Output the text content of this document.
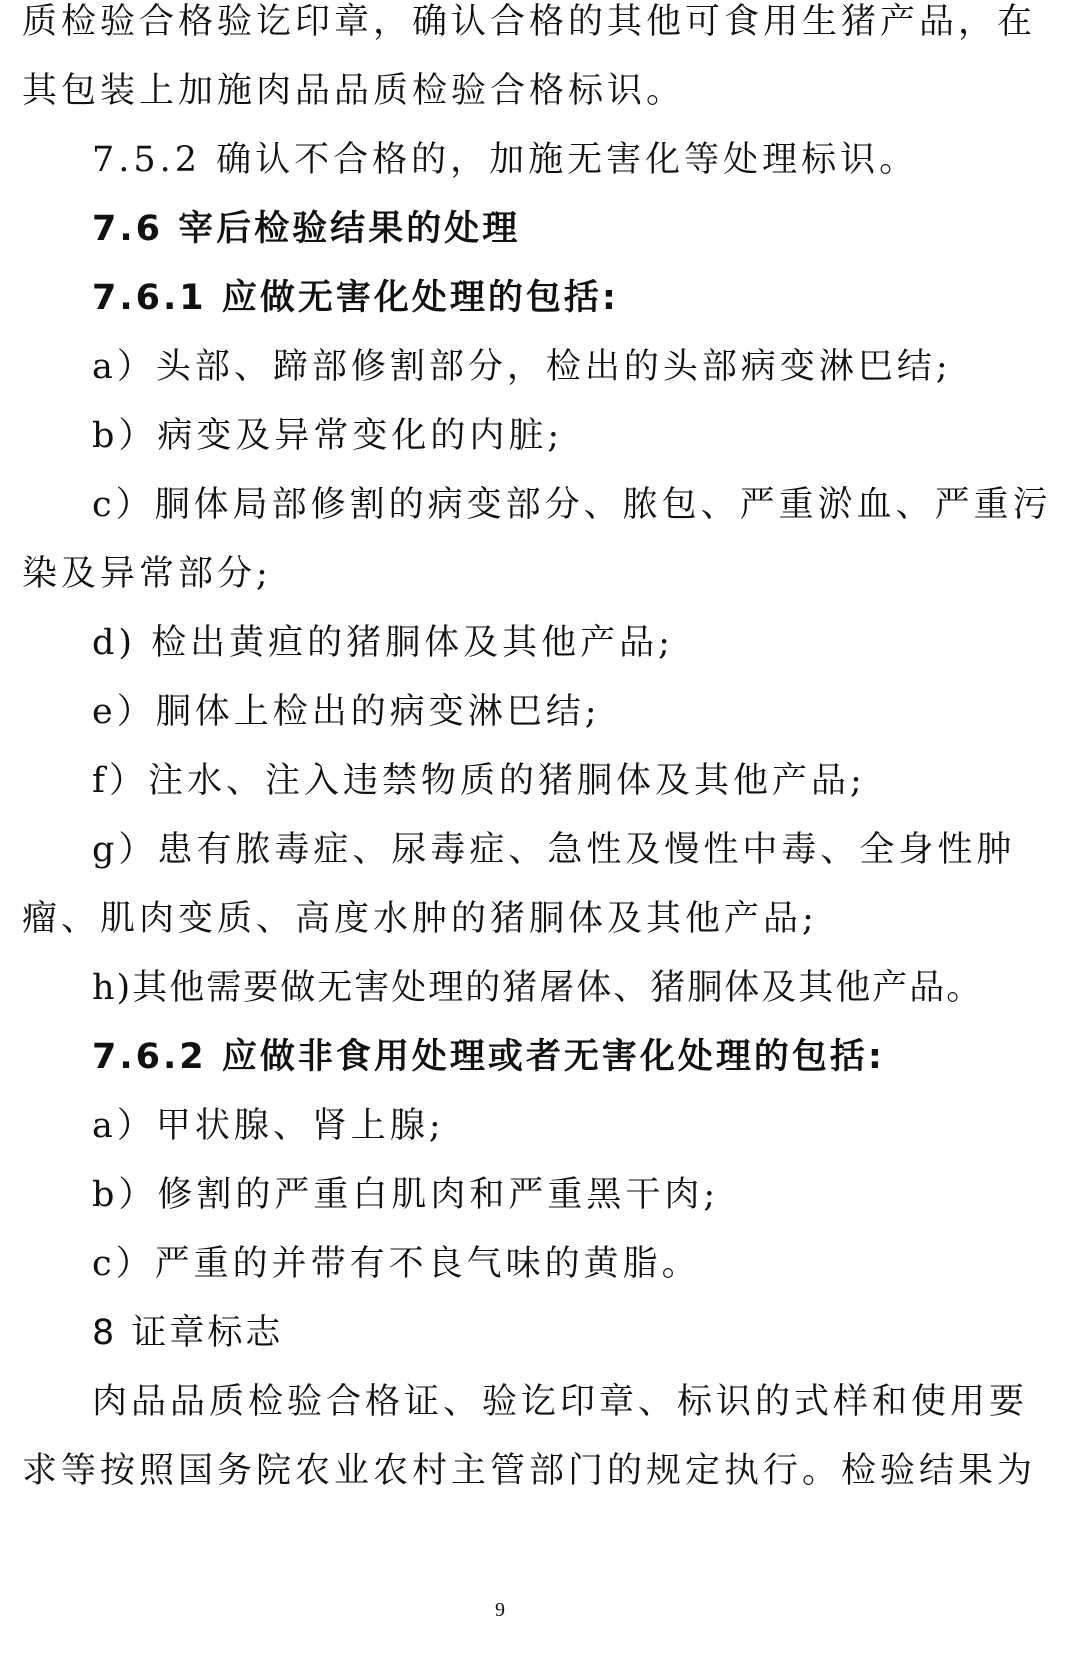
质检验合格验讫印章，确认合格的其他可食用生猪产品，在
其包装上加施肉品品质检验合格标识。
7.5.2 确认不合格的，加施无害化等处理标识。
7.6 宰后检验结果的处理
7.6.1 应做无害化处理的包括:
a）头部、蹄部修割部分，检出的头部病变淋巴结;
b）病变及异常变化的内脏;
c）胴体局部修割的病变部分、脓包、严重淤血、严重污
染及异常部分;
d) 检出黄疸的猪胴体及其他产品;
e）胴体上检出的病变淋巴结;
f）注水、注入违禁物质的猪胴体及其他产品;
g）患有脓毒症、尿毒症、急性及慢性中毒、全身性肿
瘤、肌肉变质、高度水肿的猪胴体及其他产品;
h)其他需要做无害处理的猪屠体、猪胴体及其他产品。
7.6.2 应做非食用处理或者无害化处理的包括:
a）甲状腺、肾上腺;
b）修割的严重白肌肉和严重黑干肉;
c）严重的并带有不良气味的黄脂。
8 证章标志
肉品品质检验合格证、验讫印章、标识的式样和使用要
求等按照国务院农业农村主管部门的规定执行。检验结果为
9
